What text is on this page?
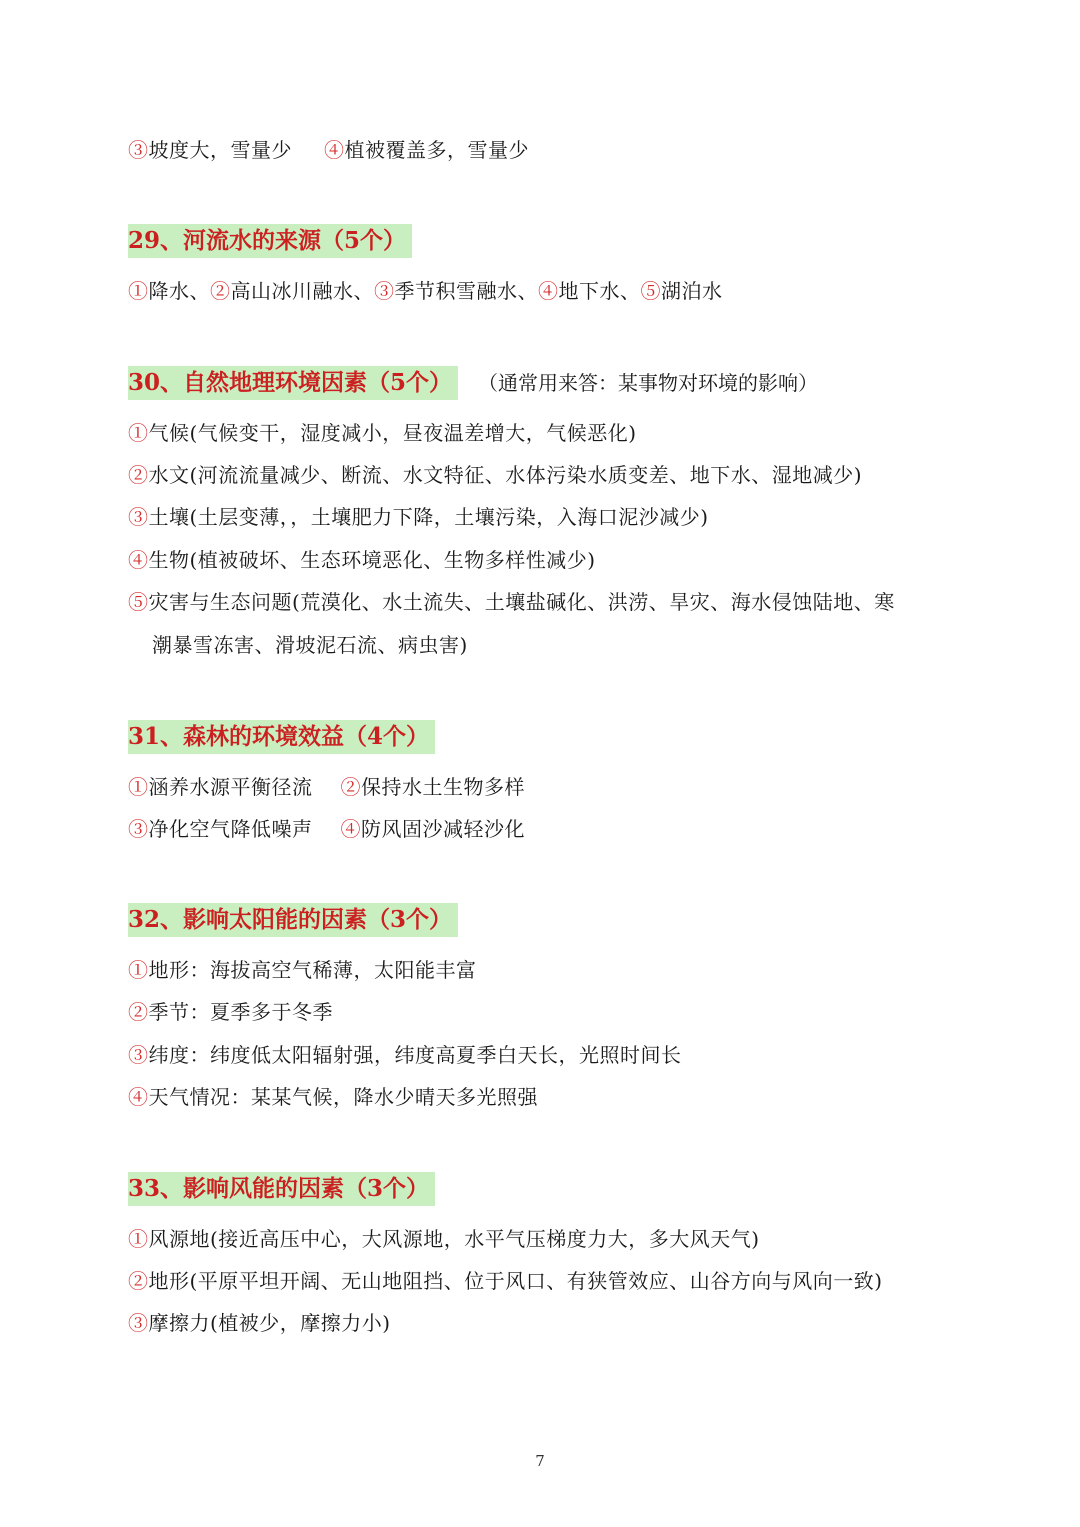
③坡度大，雪量少 ④植被覆盖多，雪量少
29、河流水的来源（5个）
①降水、②高山冰川融水、③季节积雪融水、④地下水、⑤湖泊水
30、自然地理环境因素（5个）	（通常用来答：某事物对环境的影响）
①气候(气候变干，湿度减小，昼夜温差增大，气候恶化)
②水文(河流流量减少、断流、水文特征、水体污染水质变差、地下水、湿地减少)
③土壤(土层变薄，，土壤肥力下降，土壤污染，入海口泥沙减少)
④生物(植被破坏、生态环境恶化、生物多样性减少)
⑤灾害与生态问题(荒漠化、水土流失、土壤盐碱化、洪涝、旱灾、海水侵蚀陆地、寒
潮暴雪冻害、滑坡泥石流、病虫害)
31、森林的环境效益（4个）
①涵养水源平衡径流 ②保持水土生物多样
③净化空气降低噪声 ④防风固沙减轻沙化
32、影响太阳能的因素（3个）
①地形：海拔高空气稀薄，太阳能丰富
②季节：夏季多于冬季
③纬度：纬度低太阳辐射强，纬度高夏季白天长，光照时间长
④天气情况：某某气候，降水少晴天多光照强
33、影响风能的因素（3个）
①风源地(接近高压中心，大风源地，水平气压梯度力大，多大风天气)
②地形(平原平坦开阔、无山地阻挡、位于风口、有狭管效应、山谷方向与风向一致)
③摩擦力(植被少，摩擦力小)
7
